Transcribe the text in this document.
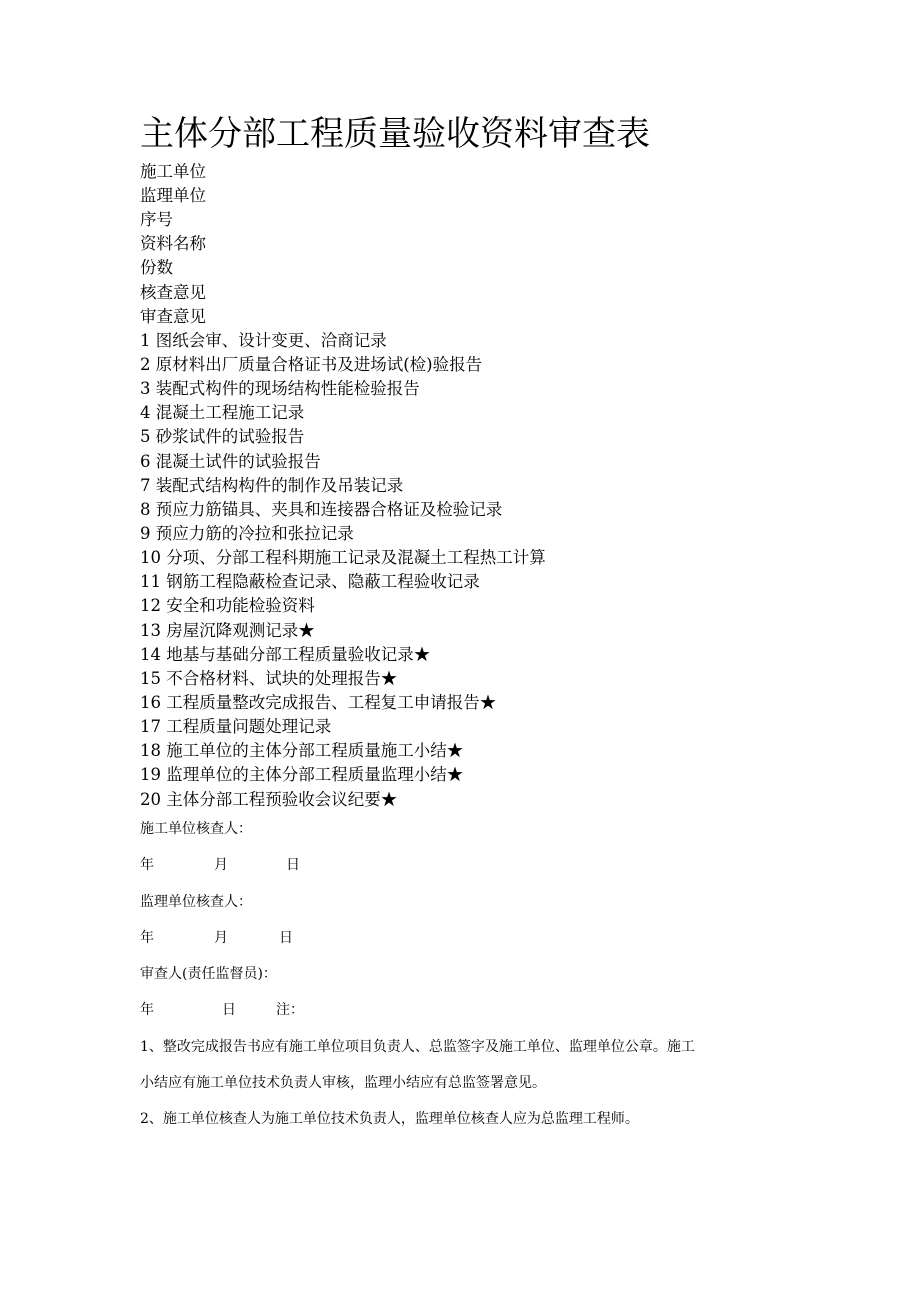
主体分部工程质量验收资料审查表
施工单位
监理单位
序号
资料名称
份数
核查意见
审查意见
1 图纸会审、设计变更、洽商记录
2 原材料出厂质量合格证书及进场试(检)验报告
3 装配式构件的现场结构性能检验报告
4 混凝土工程施工记录
5 砂浆试件的试验报告
6 混凝土试件的试验报告
7 装配式结构构件的制作及吊装记录
8 预应力筋锚具、夹具和连接器合格证及检验记录
9 预应力筋的冷拉和张拉记录
10 分项、分部工程科期施工记录及混凝土工程热工计算
11 钢筋工程隐蔽检查记录、隐蔽工程验收记录
12 安全和功能检验资料
13 房屋沉降观测记录★
14 地基与基础分部工程质量验收记录★
15 不合格材料、试块的处理报告★
16 工程质量整改完成报告、工程复工申请报告★
17 工程质量问题处理记录
18 施工单位的主体分部工程质量施工小结★
19 监理单位的主体分部工程质量监理小结★
20 主体分部工程预验收会议纪要★
施工单位核查人：
年	月	日
监理单位核查人：
年	月	日
审查人(责任监督员)：
年	日	注：
1、整改完成报告书应有施工单位项目负责人、总监签字及施工单位、监理单位公章。施工
小结应有施工单位技术负责人审核，监理小结应有总监签署意见。
2、施工单位核查人为施工单位技术负责人，监理单位核查人应为总监理工程师。
